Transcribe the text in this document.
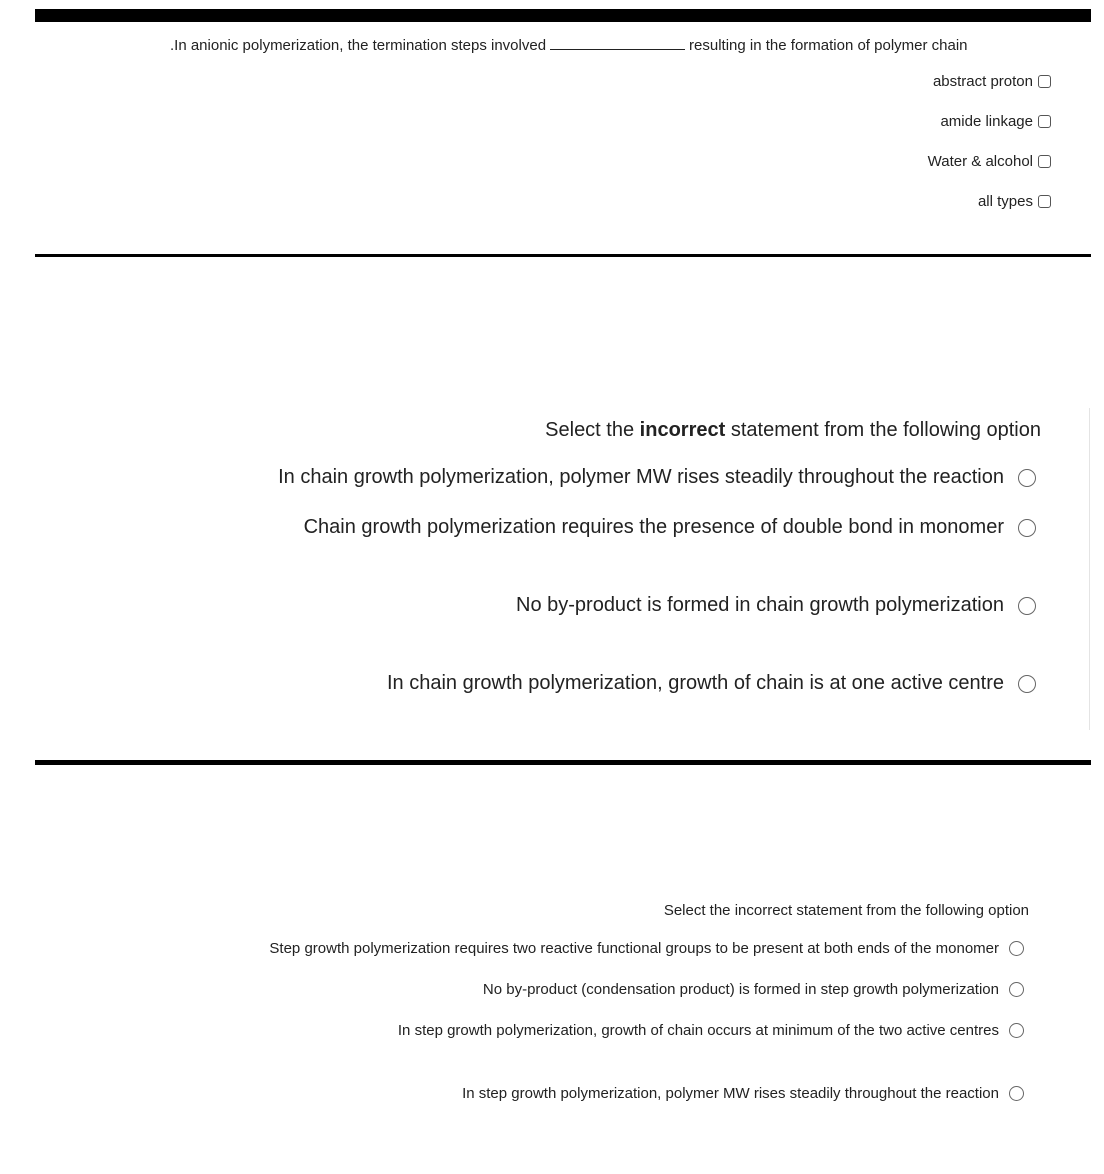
.In anionic polymerization, the termination steps involved	resulting in the formation of polymer chain
abstract proton
amide linkage
Water & alcohol
all types
Select the incorrect statement from the following option
In chain growth polymerization, polymer MW rises steadily throughout the reaction
Chain growth polymerization requires the presence of double bond in monomer
No by-product is formed in chain growth polymerization
In chain growth polymerization, growth of chain is at one active centre
Select the incorrect statement from the following option
Step growth polymerization requires two reactive functional groups to be present at both ends of the monomer
No by-product (condensation product) is formed in step growth polymerization
In step growth polymerization, growth of chain occurs at minimum of the two active centres
In step growth polymerization, polymer MW rises steadily throughout the reaction
